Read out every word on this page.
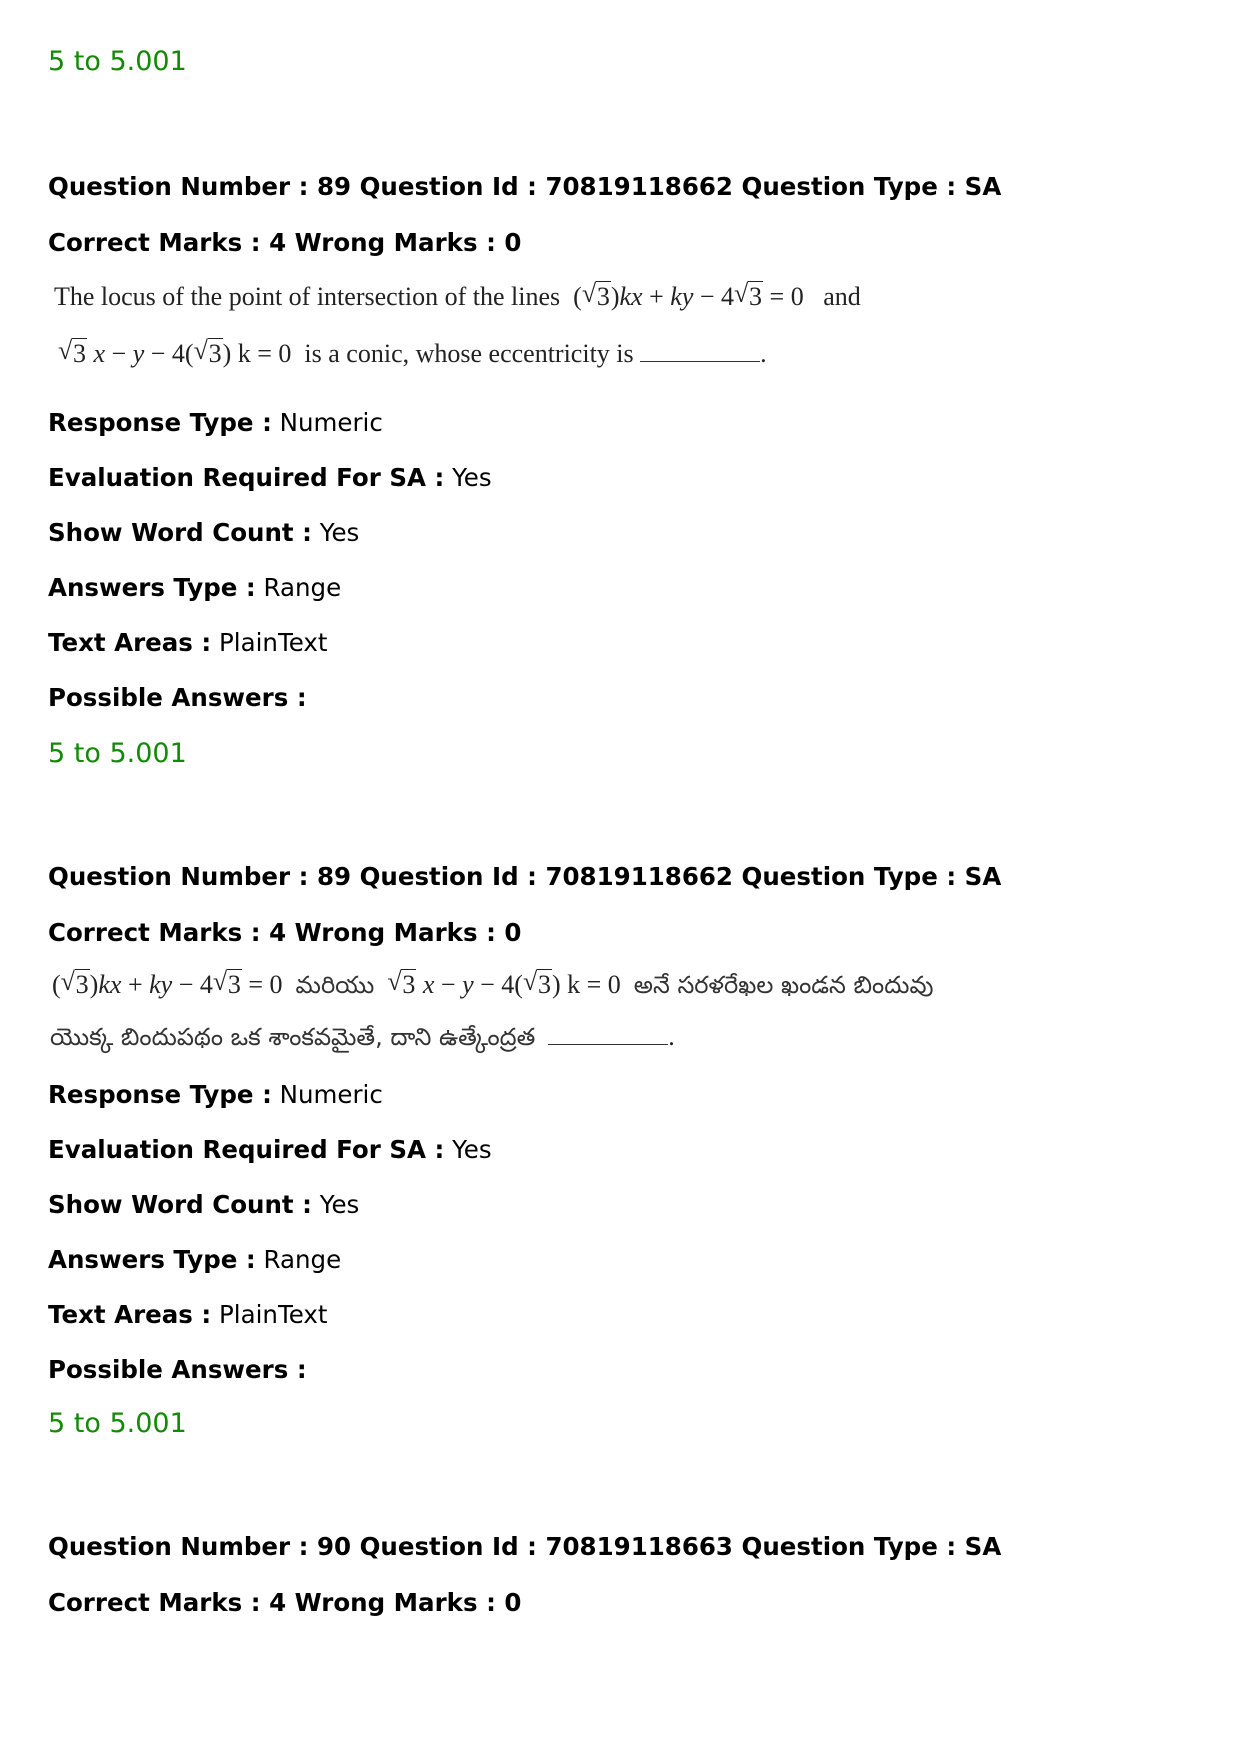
5 to 5.001
Question Number : 89 Question Id : 70819118662 Question Type : SA
Correct Marks : 4 Wrong Marks : 0
The locus of the point of intersection of the lines  ( √ 3)kx + ky − 4 √ 3 = 0   and
√ 3 x − y − 4( √ 3) k = 0  is a conic, whose eccentricity is	.
Response Type : Numeric
Evaluation Required For SA : Yes
Show Word Count : Yes
Answers Type : Range
Text Areas : PlainText
Possible Answers :
5 to 5.001
Question Number : 89 Question Id : 70819118662 Question Type : SA
Correct Marks : 4 Wrong Marks : 0
( √ 3)kx + ky − 4 √ 3 = 0  మరియు √ 3 x − y − 4( √ 3) k = 0  అనే సరళరేఖల ఖండన బిందువు
యొక్క బిందుపథం ఒక శాంకవమైతే, దాని ఉత్కేంద్రత	.
Response Type : Numeric
Evaluation Required For SA : Yes
Show Word Count : Yes
Answers Type : Range
Text Areas : PlainText
Possible Answers :
5 to 5.001
Question Number : 90 Question Id : 70819118663 Question Type : SA
Correct Marks : 4 Wrong Marks : 0
